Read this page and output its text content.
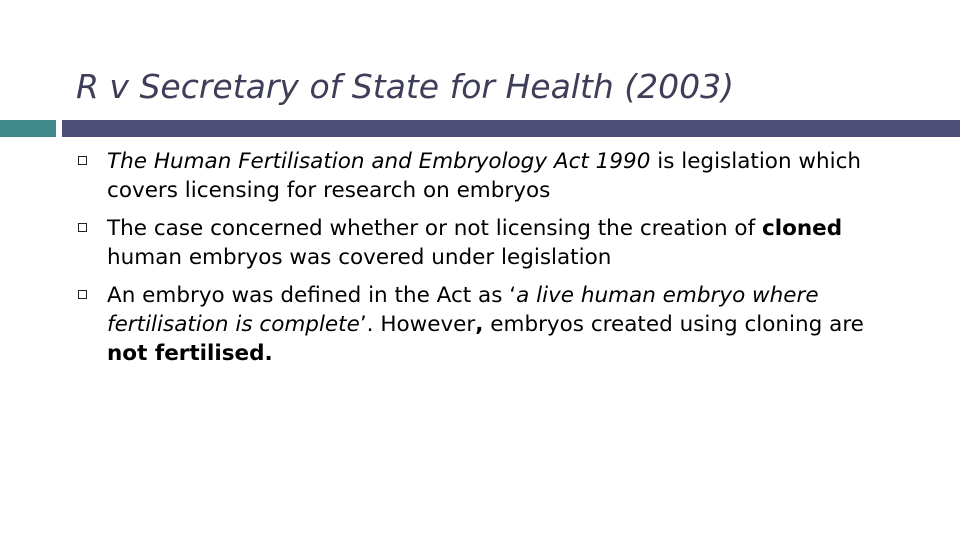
R v Secretary of State for Health (2003)
The Human Fertilisation and Embryology Act 1990 is legislation which covers licensing for research on embryos
The case concerned whether or not licensing the creation of cloned human embryos was covered under legislation
An embryo was defined in the Act as ‘a live human embryo where fertilisation is complete’. However, embryos created using cloning are not fertilised.
